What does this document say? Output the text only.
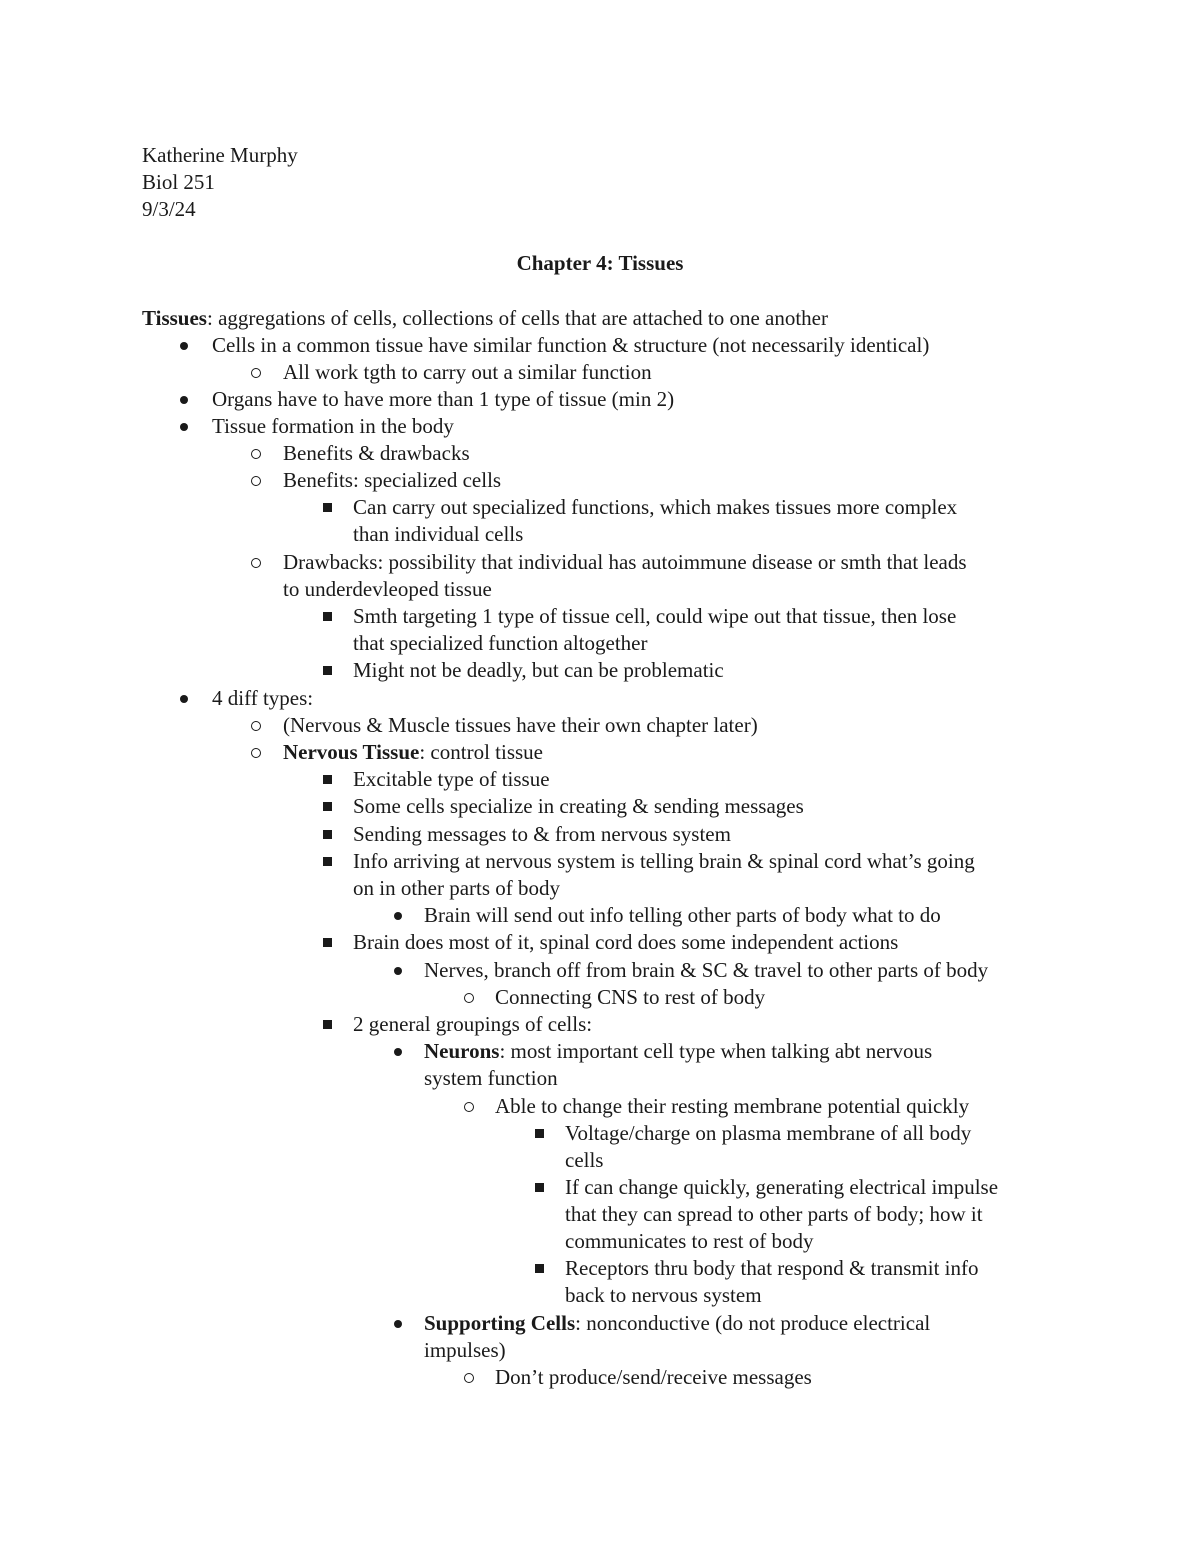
Katherine Murphy
Biol 251
9/3/24
Chapter 4: Tissues
Tissues: aggregations of cells, collections of cells that are attached to one another
Cells in a common tissue have similar function & structure (not necessarily identical)
All work tgth to carry out a similar function
Organs have to have more than 1 type of tissue (min 2)
Tissue formation in the body
Benefits & drawbacks
Benefits: specialized cells
Can carry out specialized functions, which makes tissues more complex
than individual cells
Drawbacks: possibility that individual has autoimmune disease or smth that leads
to underdevleoped tissue
Smth targeting 1 type of tissue cell, could wipe out that tissue, then lose
that specialized function altogether
Might not be deadly, but can be problematic
4 diff types:
(Nervous & Muscle tissues have their own chapter later)
Nervous Tissue: control tissue
Excitable type of tissue
Some cells specialize in creating & sending messages
Sending messages to & from nervous system
Info arriving at nervous system is telling brain & spinal cord what’s going
on in other parts of body
Brain will send out info telling other parts of body what to do
Brain does most of it, spinal cord does some independent actions
Nerves, branch off from brain & SC & travel to other parts of body
Connecting CNS to rest of body
2 general groupings of cells:
Neurons: most important cell type when talking abt nervous
system function
Able to change their resting membrane potential quickly
Voltage/charge on plasma membrane of all body
cells
If can change quickly, generating electrical impulse
that they can spread to other parts of body; how it
communicates to rest of body
Receptors thru body that respond & transmit info
back to nervous system
Supporting Cells: nonconductive (do not produce electrical
impulses)
Don’t produce/send/receive messages
